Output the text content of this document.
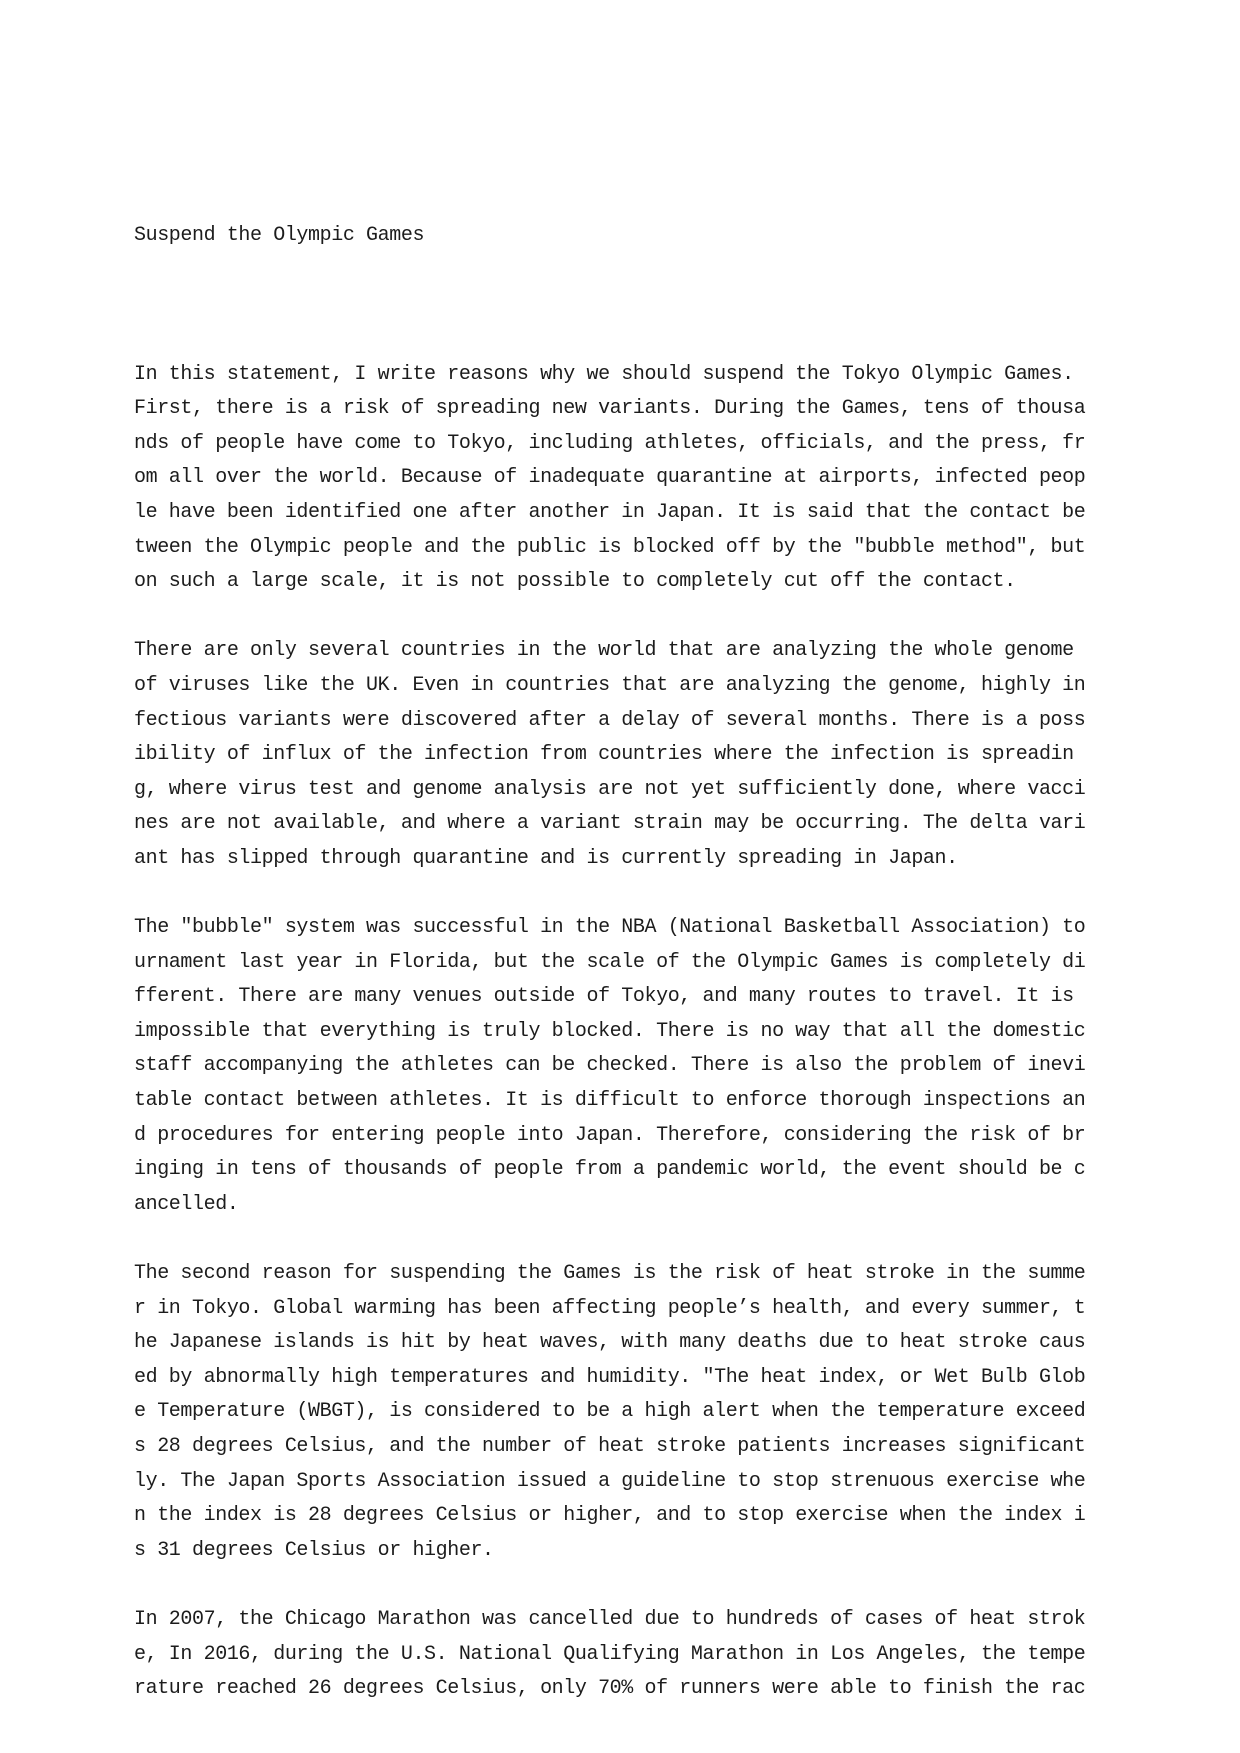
Suspend the Olympic Games

In this statement, I write reasons why we should suspend the Tokyo Olympic Games.
First, there is a risk of spreading new variants. During the Games, tens of thousa
nds of people have come to Tokyo, including athletes, officials, and the press, fr
om all over the world. Because of inadequate quarantine at airports, infected peop
le have been identified one after another in Japan. It is said that the contact be
tween the Olympic people and the public is blocked off by the ″bubble method″, but
on such a large scale, it is not possible to completely cut off the contact.
There are only several countries in the world that are analyzing the whole genome
of viruses like the UK. Even in countries that are analyzing the genome, highly in
fectious variants were discovered after a delay of several months. There is a poss
ibility of influx of the infection from countries where the infection is spreadin
g, where virus test and genome analysis are not yet sufficiently done, where vacci
nes are not available, and where a variant strain may be occurring. The delta vari
ant has slipped through quarantine and is currently spreading in Japan.
The ″bubble″ system was successful in the NBA (National Basketball Association) to
urnament last year in Florida, but the scale of the Olympic Games is completely di
fferent. There are many venues outside of Tokyo, and many routes to travel. It is
impossible that everything is truly blocked. There is no way that all the domestic
staff accompanying the athletes can be checked. There is also the problem of inevi
table contact between athletes. It is difficult to enforce thorough inspections an
d procedures for entering people into Japan. Therefore, considering the risk of br
inging in tens of thousands of people from a pandemic world, the event should be c
ancelled.
The second reason for suspending the Games is the risk of heat stroke in the summe
r in Tokyo. Global warming has been affecting people’s health, and every summer, t
he Japanese islands is hit by heat waves, with many deaths due to heat stroke caus
ed by abnormally high temperatures and humidity. ″The heat index, or Wet Bulb Glob
e Temperature (WBGT), is considered to be a high alert when the temperature exceed
s 28 degrees Celsius, and the number of heat stroke patients increases significant
ly. The Japan Sports Association issued a guideline to stop strenuous exercise whe
n the index is 28 degrees Celsius or higher, and to stop exercise when the index i
s 31 degrees Celsius or higher.
In 2007, the Chicago Marathon was cancelled due to hundreds of cases of heat strok
e, In 2016, during the U.S. National Qualifying Marathon in Los Angeles, the tempe
rature reached 26 degrees Celsius, only 70% of runners were able to finish the rac
